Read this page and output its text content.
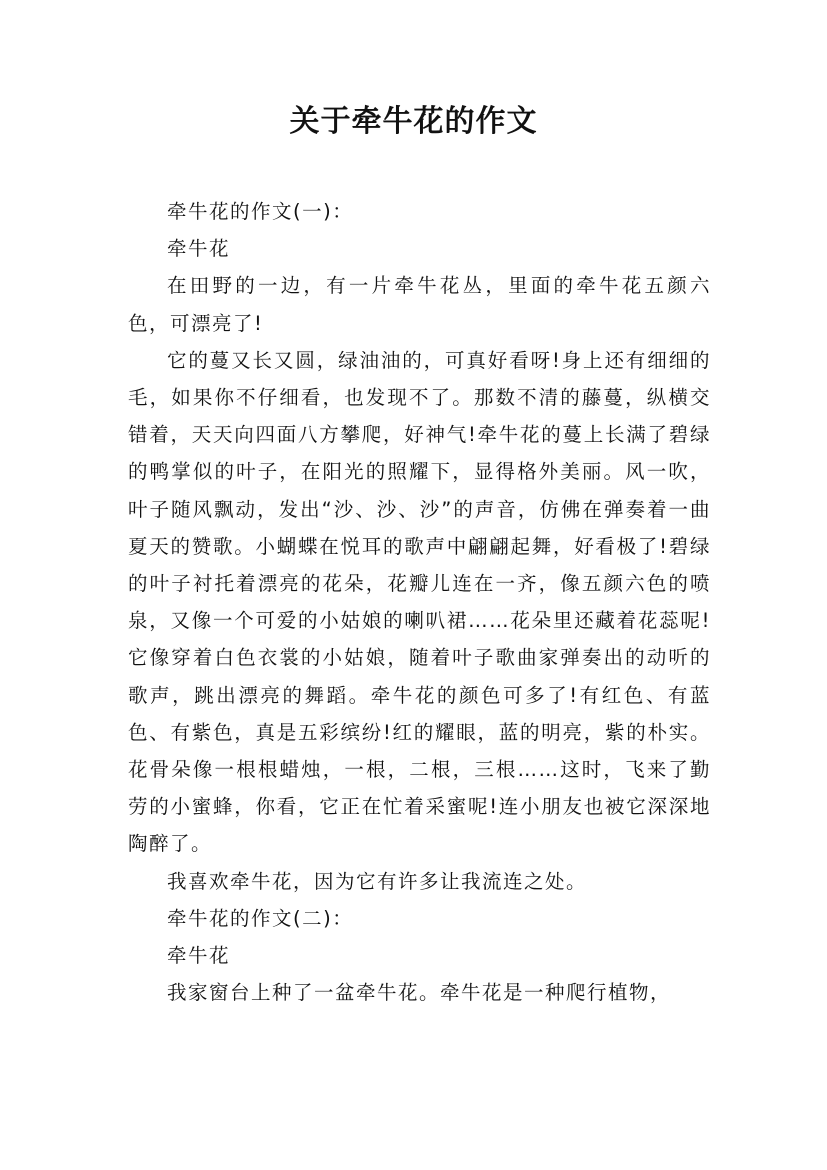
关于牵牛花的作文

牵牛花的作文(一)：

牵牛花

在田野的一边，有一片牵牛花丛，里面的牵牛花五颜六色，可漂亮了!

它的蔓又长又圆，绿油油的，可真好看呀!身上还有细细的毛，如果你不仔细看，也发现不了。那数不清的藤蔓，纵横交错着，天天向四面八方攀爬，好神气!牵牛花的蔓上长满了碧绿的鸭掌似的叶子，在阳光的照耀下，显得格外美丽。风一吹，叶子随风飘动，发出“沙、沙、沙”的声音，仿佛在弹奏着一曲夏天的赞歌。小蝴蝶在悦耳的歌声中翩翩起舞，好看极了!碧绿的叶子衬托着漂亮的花朵，花瓣儿连在一齐，像五颜六色的喷泉，又像一个可爱的小姑娘的喇叭裙……花朵里还藏着花蕊呢!它像穿着白色衣裳的小姑娘，随着叶子歌曲家弹奏出的动听的歌声，跳出漂亮的舞蹈。牵牛花的颜色可多了!有红色、有蓝色、有紫色，真是五彩缤纷!红的耀眼，蓝的明亮，紫的朴实。花骨朵像一根根蜡烛，一根，二根，三根……这时，飞来了勤劳的小蜜蜂，你看，它正在忙着采蜜呢!连小朋友也被它深深地陶醉了。

我喜欢牵牛花，因为它有许多让我流连之处。

牵牛花的作文(二)：

牵牛花

我家窗台上种了一盆牵牛花。牵牛花是一种爬行植物，
